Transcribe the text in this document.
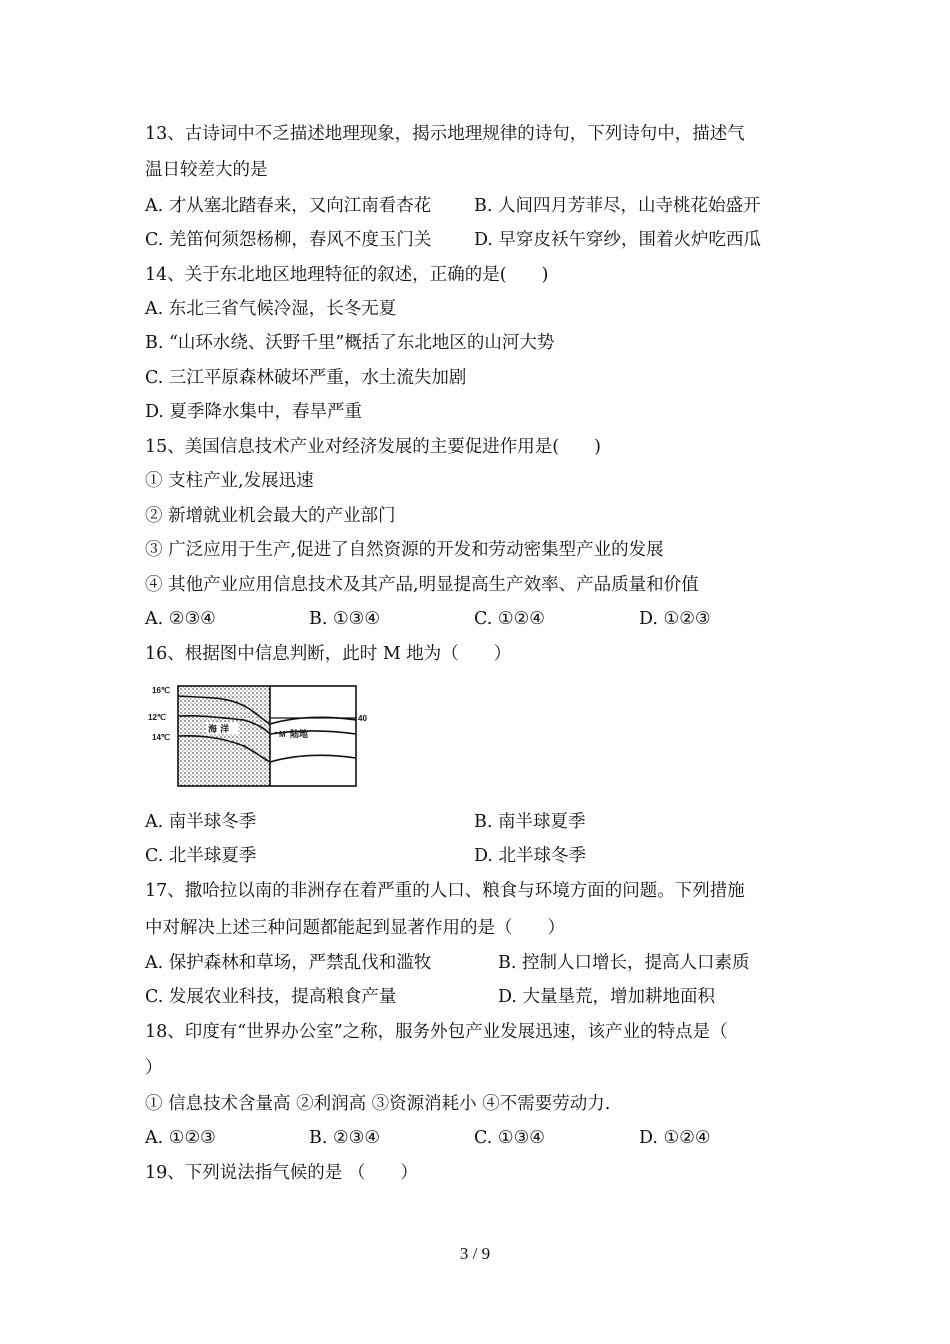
13、古诗词中不乏描述地理现象，揭示地理规律的诗句，下列诗句中，描述气
温日较差大的是
A. 才从塞北踏春来，又向江南看杏花 B. 人间四月芳菲尽，山寺桃花始盛开
C. 羌笛何须怨杨柳，春风不度玉门关 D. 早穿皮袄午穿纱，围着火炉吃西瓜
14、关于东北地区地理特征的叙述，正确的是(　　)
A. 东北三省气候冷湿，长冬无夏
B. “山环水绕、沃野千里”概括了东北地区的山河大势
C. 三江平原森林破坏严重，水土流失加剧
D. 夏季降水集中，春旱严重
15、美国信息技术产业对经济发展的主要促进作用是(　　)
① 支柱产业,发展迅速
② 新增就业机会最大的产业部门
③ 广泛应用于生产,促进了自然资源的开发和劳动密集型产业的发展
④ 其他产业应用信息技术及其产品,明显提高生产效率、产品质量和价值
A. ②③④	B. ①③④	C. ①②④	D. ①②③
16、根据图中信息判断，此时 M 地为（　　）
16℃
12℃
14℃
海 洋	M 陆地
40
A. 南半球冬季	B. 南半球夏季
C. 北半球夏季	D. 北半球冬季
17、撒哈拉以南的非洲存在着严重的人口、粮食与环境方面的问题。下列措施
中对解决上述三种问题都能起到显著作用的是（　　）
A. 保护森林和草场，严禁乱伐和滥牧	B. 控制人口增长，提高人口素质
C. 发展农业科技，提高粮食产量	D. 大量垦荒，增加耕地面积
18、印度有“世界办公室”之称，服务外包产业发展迅速，该产业的特点是（
）
① 信息技术含量高 ②利润高 ③资源消耗小 ④不需要劳动力.
A. ①②③	B. ②③④	C. ①③④	D. ①②④
19、下列说法指气候的是 （　　）
3 / 9
